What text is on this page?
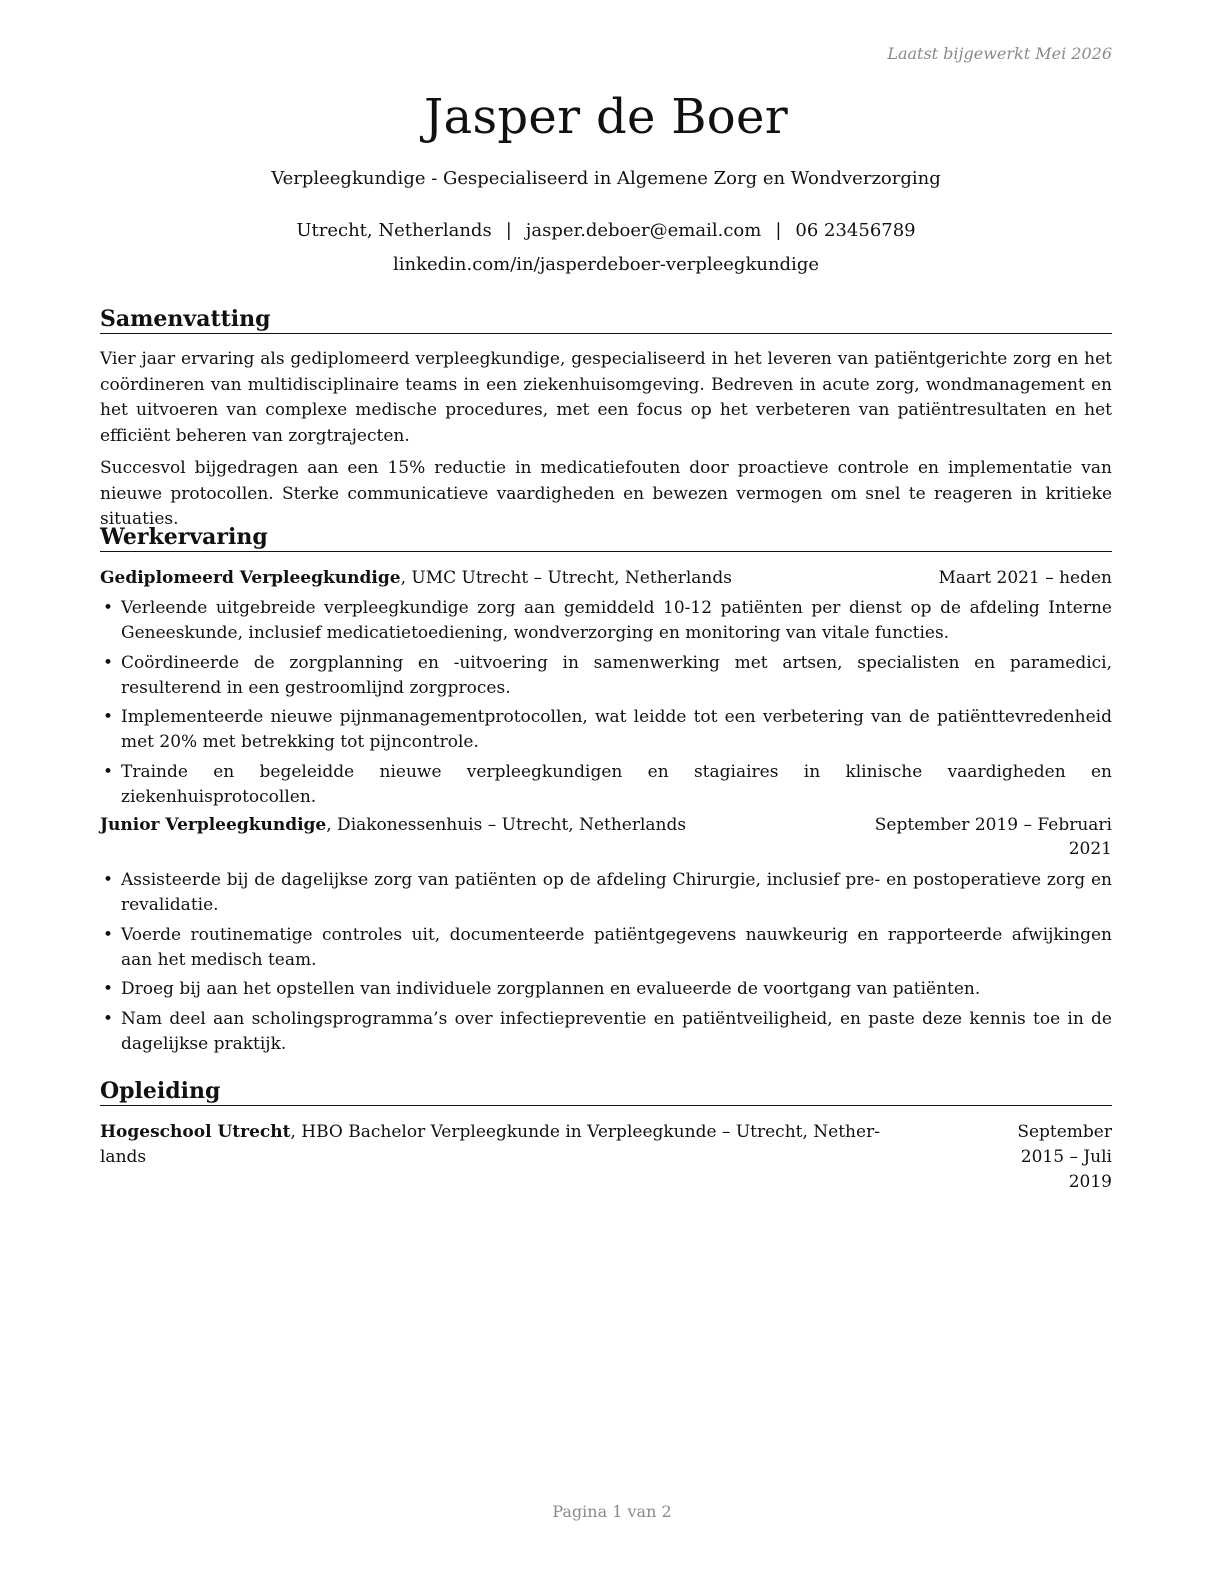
Laatst bijgewerkt Mei 2026
Jasper de Boer
Verpleegkundige - Gespecialiseerd in Algemene Zorg en Wondverzorging
Utrecht, Netherlands | jasper.deboer@email.com | 06 23456789
linkedin.com/in/jasperdeboer-verpleegkundige
Samenvatting

Vier jaar ervaring als gediplomeerd verpleegkundige, gespecialiseerd in het leveren van patiëntgerichte zorg en het coördineren van multidisciplinaire teams in een ziekenhuisomgeving. Bedreven in acute zorg, wondmanagement en het uitvoeren van complexe medische procedures, met een focus op het verbeteren van patiëntresultaten en het efficiënt beheren van zorgtrajecten.

Succesvol bijgedragen aan een 15% reductie in medicatiefouten door proactieve controle en implementatie van nieuwe protocollen. Sterke communicatieve vaardigheden en bewezen vermogen om snel te reageren in kritieke situaties.

Werkervaring
Gediplomeerd Verpleegkundige, UMC Utrecht – Utrecht, Netherlands	Maart 2021 – heden
• Verleende uitgebreide verpleegkundige zorg aan gemiddeld 10-12 patiënten per dienst op de afdeling Interne Geneeskunde, inclusief medicatietoediening, wondverzorging en monitoring van vitale functies.
• Coördineerde de zorgplanning en -uitvoering in samenwerking met artsen, specialisten en paramedici, resulterend in een gestroomlijnd zorgproces.
• Implementeerde nieuwe pijnmanagementprotocollen, wat leidde tot een verbetering van de patiënttevredenheid met 20% met betrekking tot pijncontrole.
• Trainde en begeleidde nieuwe verpleegkundigen en stagiaires in klinische vaardigheden en ziekenhuisprotocollen.
Junior Verpleegkundige, Diakonessenhuis – Utrecht, Netherlands	September 2019 – Februari
2021
• Assisteerde bij de dagelijkse zorg van patiënten op de afdeling Chirurgie, inclusief pre- en postoperatieve zorg en revalidatie.
• Voerde routinematige controles uit, documenteerde patiëntgegevens nauwkeurig en rapporteerde afwijkingen aan het medisch team.
• Droeg bij aan het opstellen van individuele zorgplannen en evalueerde de voortgang van patiënten.
• Nam deel aan scholingsprogramma’s over infectiepreventie en patiëntveiligheid, en paste deze kennis toe in de dagelijkse praktijk.
Opleiding
Hogeschool Utrecht, HBO Bachelor Verpleegkunde in Verpleegkunde – Utrecht, Nether-
lands
September 2015 – Juli
2019
Pagina 1 van 2
